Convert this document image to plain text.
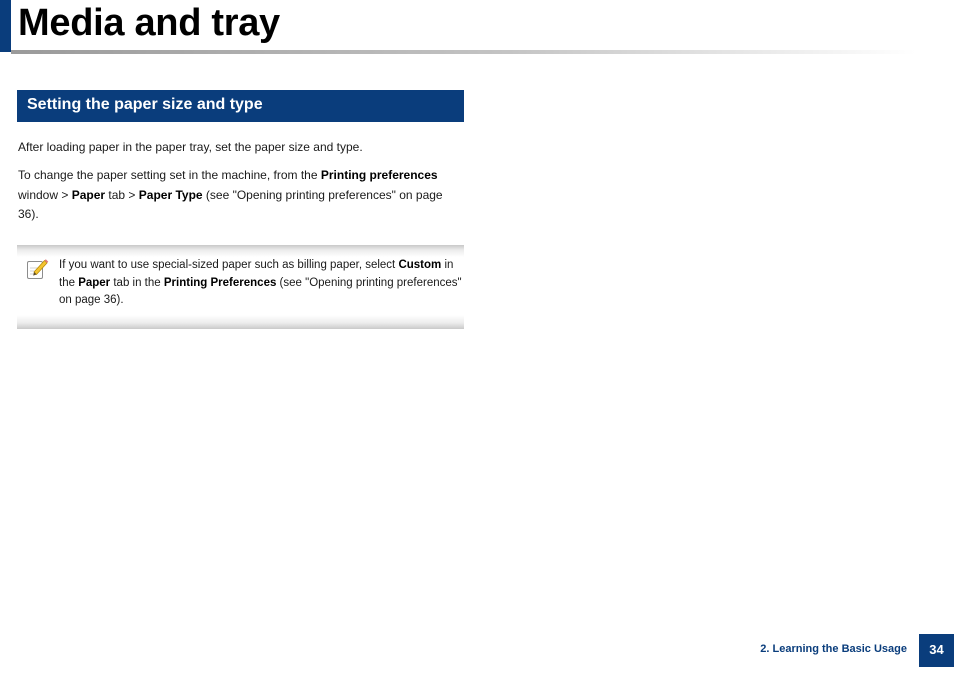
Media and tray
Setting the paper size and type

After loading paper in the paper tray, set the paper size and type.

To change the paper setting set in the machine, from the Printing preferences window > Paper tab > Paper Type (see "Opening printing preferences" on page 36).

If you want to use special-sized paper such as billing paper, select Custom in the Paper tab in the Printing Preferences (see "Opening printing preferences" on page 36).

2. Learning the Basic Usage	34
